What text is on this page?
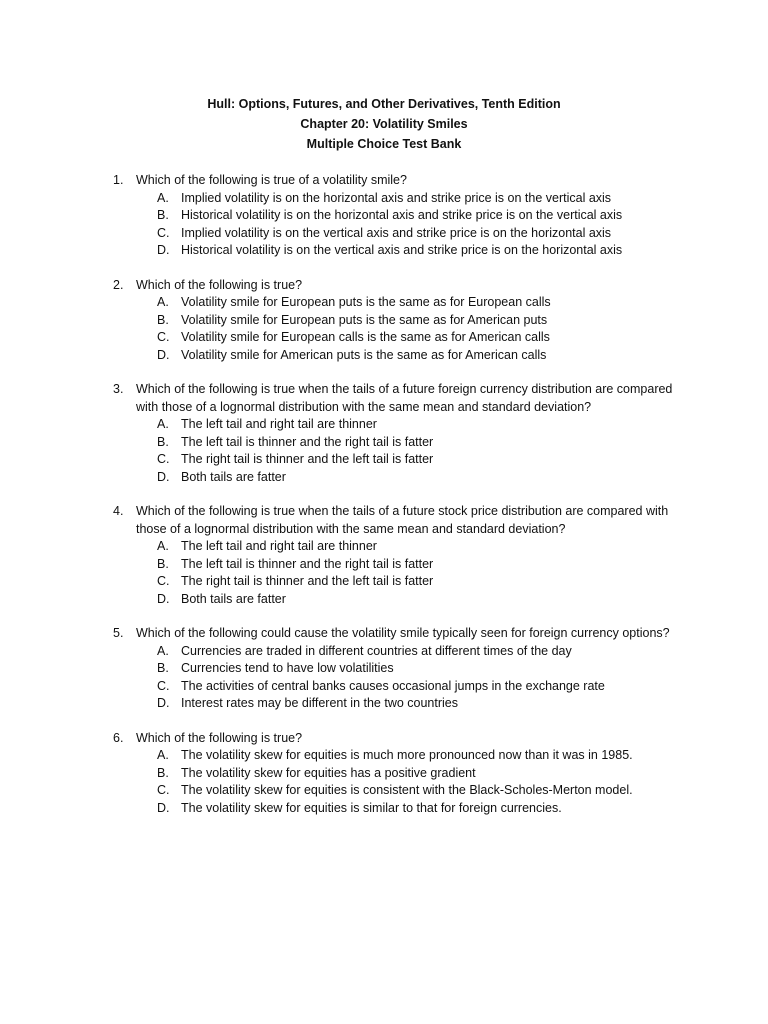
Hull: Options, Futures, and Other Derivatives, Tenth Edition
Chapter 20: Volatility Smiles
Multiple Choice Test Bank
1. Which of the following is true of a volatility smile?
A. Implied volatility is on the horizontal axis and strike price is on the vertical axis
B. Historical volatility is on the horizontal axis and strike price is on the vertical axis
C. Implied volatility is on the vertical axis and strike price is on the horizontal axis
D. Historical volatility is on the vertical axis and strike price is on the horizontal axis
2. Which of the following is true?
A. Volatility smile for European puts is the same as for European calls
B. Volatility smile for European puts is the same as for American puts
C. Volatility smile for European calls is the same as for American calls
D. Volatility smile for American puts is the same as for American calls
3. Which of the following is true when the tails of a future foreign currency distribution are compared with those of a lognormal distribution with the same mean and standard deviation?
A. The left tail and right tail are thinner
B. The left tail is thinner and the right tail is fatter
C. The right tail is thinner and the left tail is fatter
D. Both tails are fatter
4. Which of the following is true when the tails of a future stock price distribution are compared with those of a lognormal distribution with the same mean and standard deviation?
A. The left tail and right tail are thinner
B. The left tail is thinner and the right tail is fatter
C. The right tail is thinner and the left tail is fatter
D. Both tails are fatter
5. Which of the following could cause the volatility smile typically seen for foreign currency options?
A. Currencies are traded in different countries at different times of the day
B. Currencies tend to have low volatilities
C. The activities of central banks causes occasional jumps in the exchange rate
D. Interest rates may be different in the two countries
6. Which of the following is true?
A. The volatility skew for equities is much more pronounced now than it was in 1985.
B. The volatility skew for equities has a positive gradient
C. The volatility skew for equities is consistent with the Black-Scholes-Merton model.
D. The volatility skew for equities is similar to that for foreign currencies.
